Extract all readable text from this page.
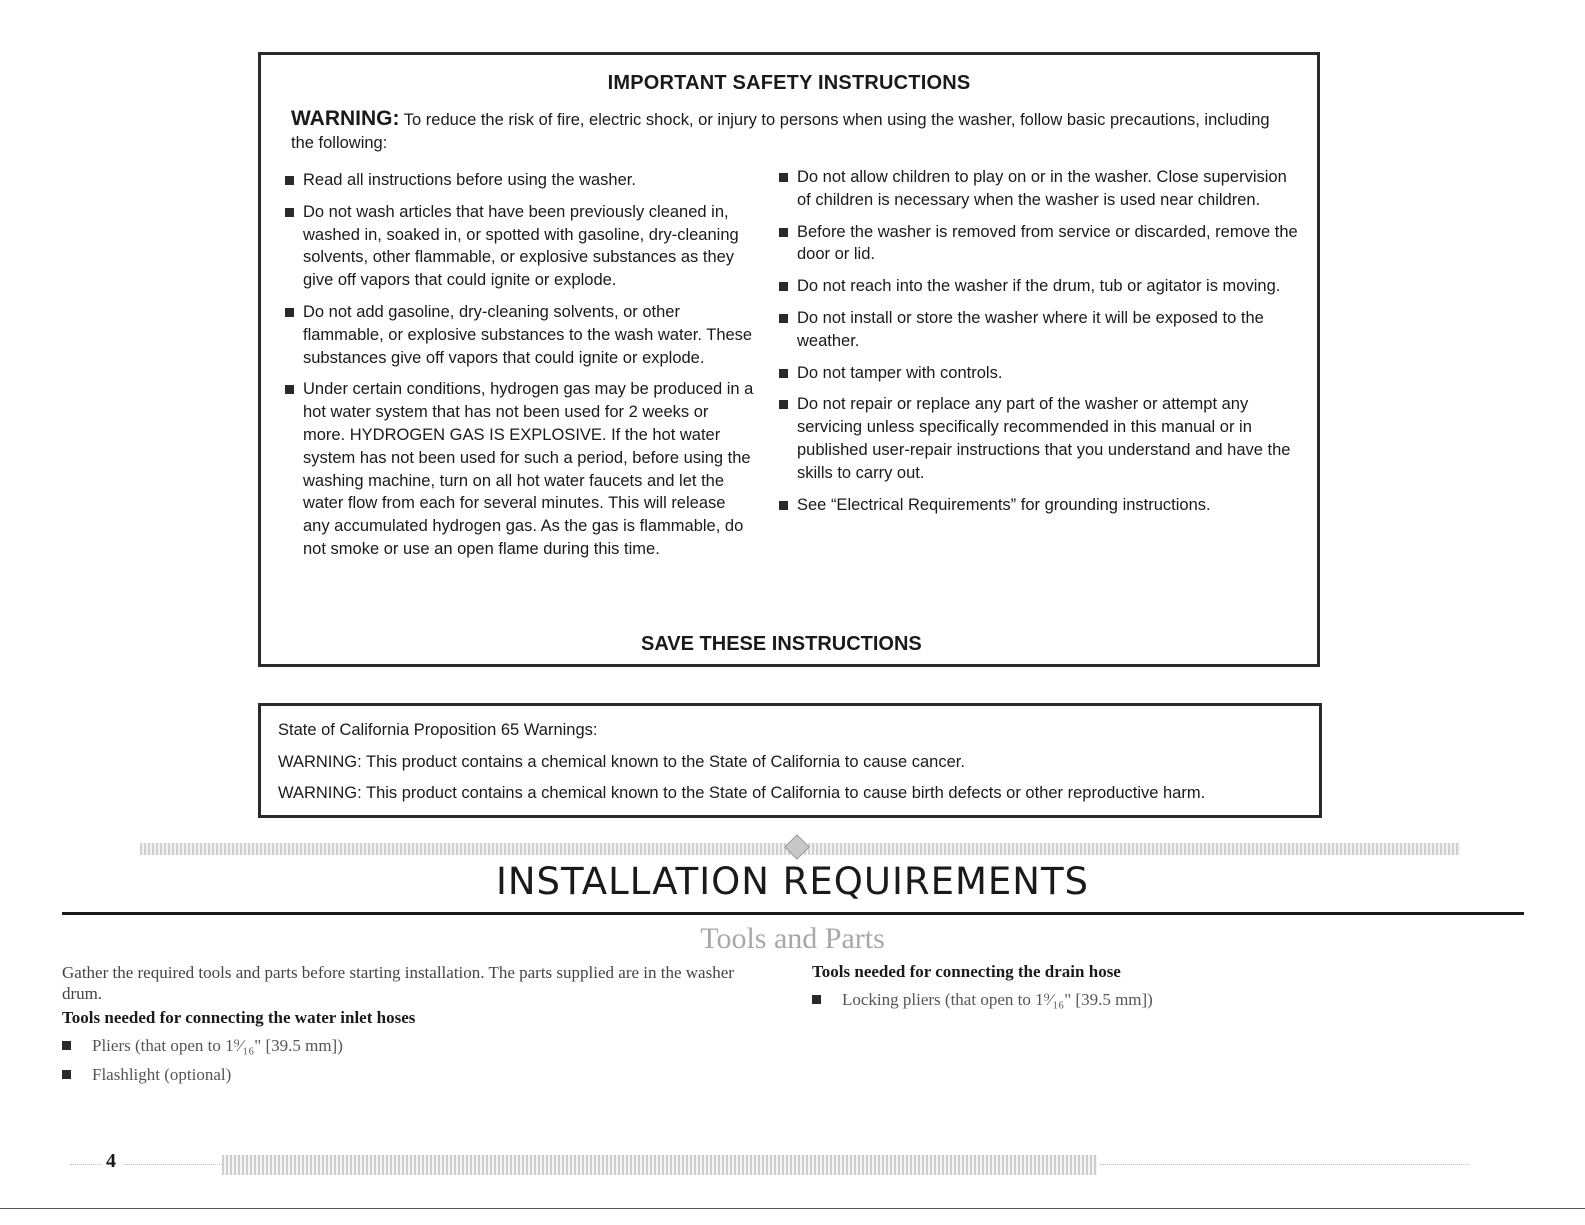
IMPORTANT SAFETY INSTRUCTIONS
WARNING: To reduce the risk of fire, electric shock, or injury to persons when using the washer, follow basic precautions, including the following:
Read all instructions before using the washer.
Do not wash articles that have been previously cleaned in, washed in, soaked in, or spotted with gasoline, dry-cleaning solvents, other flammable, or explosive substances as they give off vapors that could ignite or explode.
Do not add gasoline, dry-cleaning solvents, or other flammable, or explosive substances to the wash water. These substances give off vapors that could ignite or explode.
Under certain conditions, hydrogen gas may be produced in a hot water system that has not been used for 2 weeks or more. HYDROGEN GAS IS EXPLOSIVE. If the hot water system has not been used for such a period, before using the washing machine, turn on all hot water faucets and let the water flow from each for several minutes. This will release any accumulated hydrogen gas. As the gas is flammable, do not smoke or use an open flame during this time.
Do not allow children to play on or in the washer. Close supervision of children is necessary when the washer is used near children.
Before the washer is removed from service or discarded, remove the door or lid.
Do not reach into the washer if the drum, tub or agitator is moving.
Do not install or store the washer where it will be exposed to the weather.
Do not tamper with controls.
Do not repair or replace any part of the washer or attempt any servicing unless specifically recommended in this manual or in published user-repair instructions that you understand and have the skills to carry out.
See “Electrical Requirements” for grounding instructions.
SAVE THESE INSTRUCTIONS
State of California Proposition 65 Warnings:
WARNING: This product contains a chemical known to the State of California to cause cancer.
WARNING: This product contains a chemical known to the State of California to cause birth defects or other reproductive harm.
INSTALLATION REQUIREMENTS
Tools and Parts
Gather the required tools and parts before starting installation. The parts supplied are in the washer drum.
Tools needed for connecting the water inlet hoses
Pliers (that open to 1⁹⁄₁₆" [39.5 mm])
Flashlight (optional)
Tools needed for connecting the drain hose
Locking pliers (that open to 1⁹⁄₁₆" [39.5 mm])
4
